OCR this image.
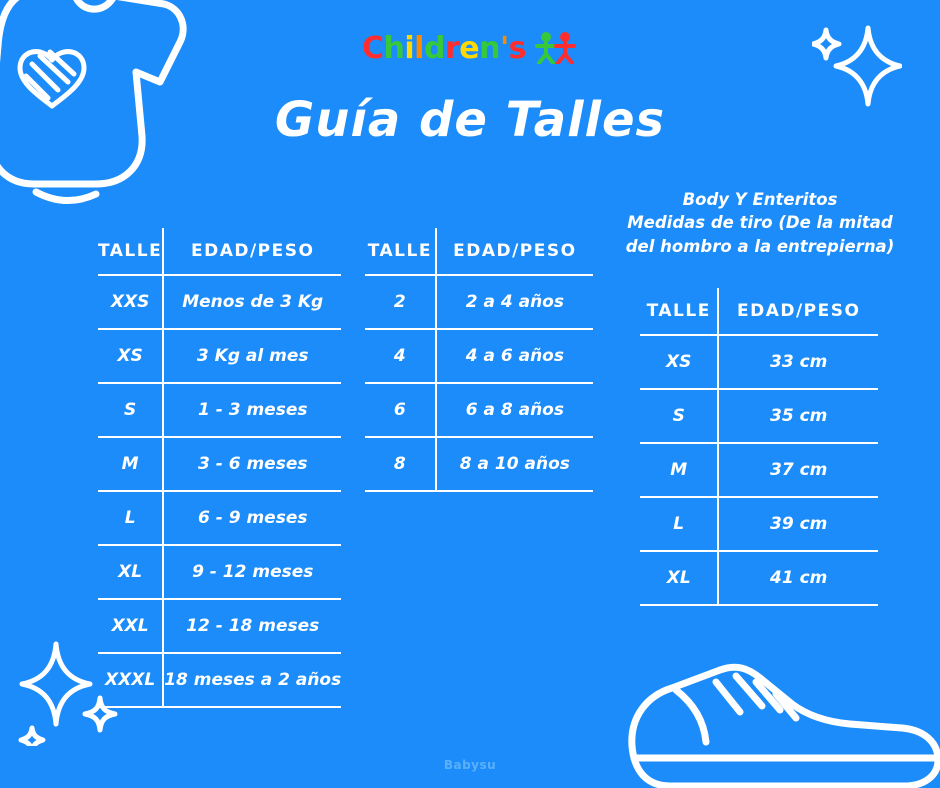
Children's
Guía de Talles
TALLE	EDAD/PESO
XXS	Menos de 3 Kg
XS	3 Kg al mes
S	1 - 3 meses
M	3 - 6 meses
L	6 - 9 meses
XL	9 - 12 meses
XXL	12 - 18 meses
XXXL	18 meses a 2 años
TALLE	EDAD/PESO
2	2 a 4 años
4	4 a 6 años
6	6 a 8 años
8	8 a 10 años
Body Y Enteritos
Medidas de tiro (De la mitad
del hombro a la entrepierna)
TALLE	EDAD/PESO
XS	33 cm
S	35 cm
M	37 cm
L	39 cm
XL	41 cm
Babysu
